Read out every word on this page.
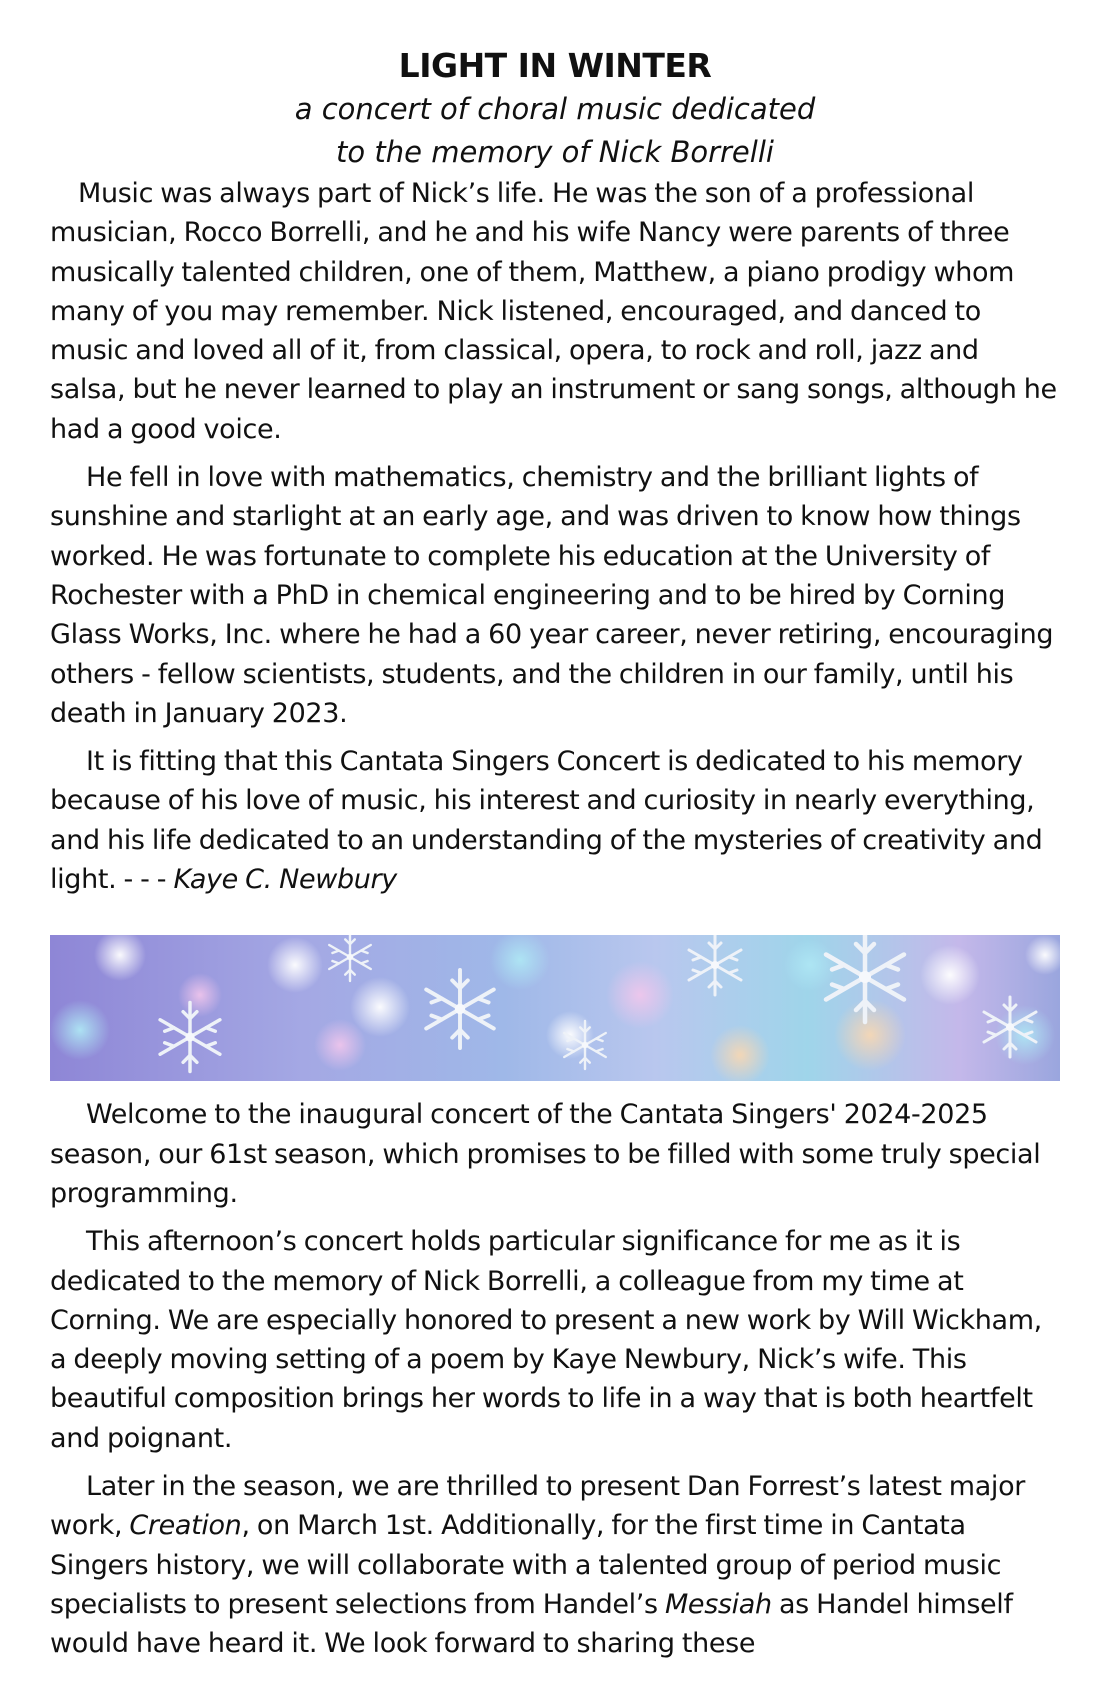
LIGHT IN WINTER

a concert of choral music dedicated

to the memory of Nick Borrelli

Music was always part of Nick’s life. He was the son of a professional musician, Rocco Borrelli, and he and his wife Nancy were parents of three musically talented children, one of them, Matthew, a piano prodigy whom many of you may remember. Nick listened, encouraged, and danced to music and loved all of it, from classical, opera, to rock and roll, jazz and salsa, but he never learned to play an instrument or sang songs, although he had a good voice.

He fell in love with mathematics, chemistry and the brilliant lights of sunshine and starlight at an early age, and was driven to know how things worked. He was fortunate to complete his education at the University of Rochester with a PhD in chemical engineering and to be hired by Corning Glass Works, Inc. where he had a 60 year career, never retiring, encouraging others - fellow scientists, students, and the children in our family, until his death in January 2023.

It is fitting that this Cantata Singers Concert is dedicated to his memory because of his love of music, his interest and curiosity in nearly everything, and his life dedicated to an understanding of the mysteries of creativity and light. - - - Kaye C. Newbury

Welcome to the inaugural concert of the Cantata Singers' 2024-2025 season, our 61st season, which promises to be filled with some truly special programming.

This afternoon’s concert holds particular significance for me as it is dedicated to the memory of Nick Borrelli, a colleague from my time at Corning. We are especially honored to present a new work by Will Wickham, a deeply moving setting of a poem by Kaye Newbury, Nick’s wife. This beautiful composition brings her words to life in a way that is both heartfelt and poignant.

Later in the season, we are thrilled to present Dan Forrest’s latest major work, Creation, on March 1st. Additionally, for the first time in Cantata Singers history, we will collaborate with a talented group of period music specialists to present selections from Handel’s Messiah as Handel himself would have heard it. We look forward to sharing these
